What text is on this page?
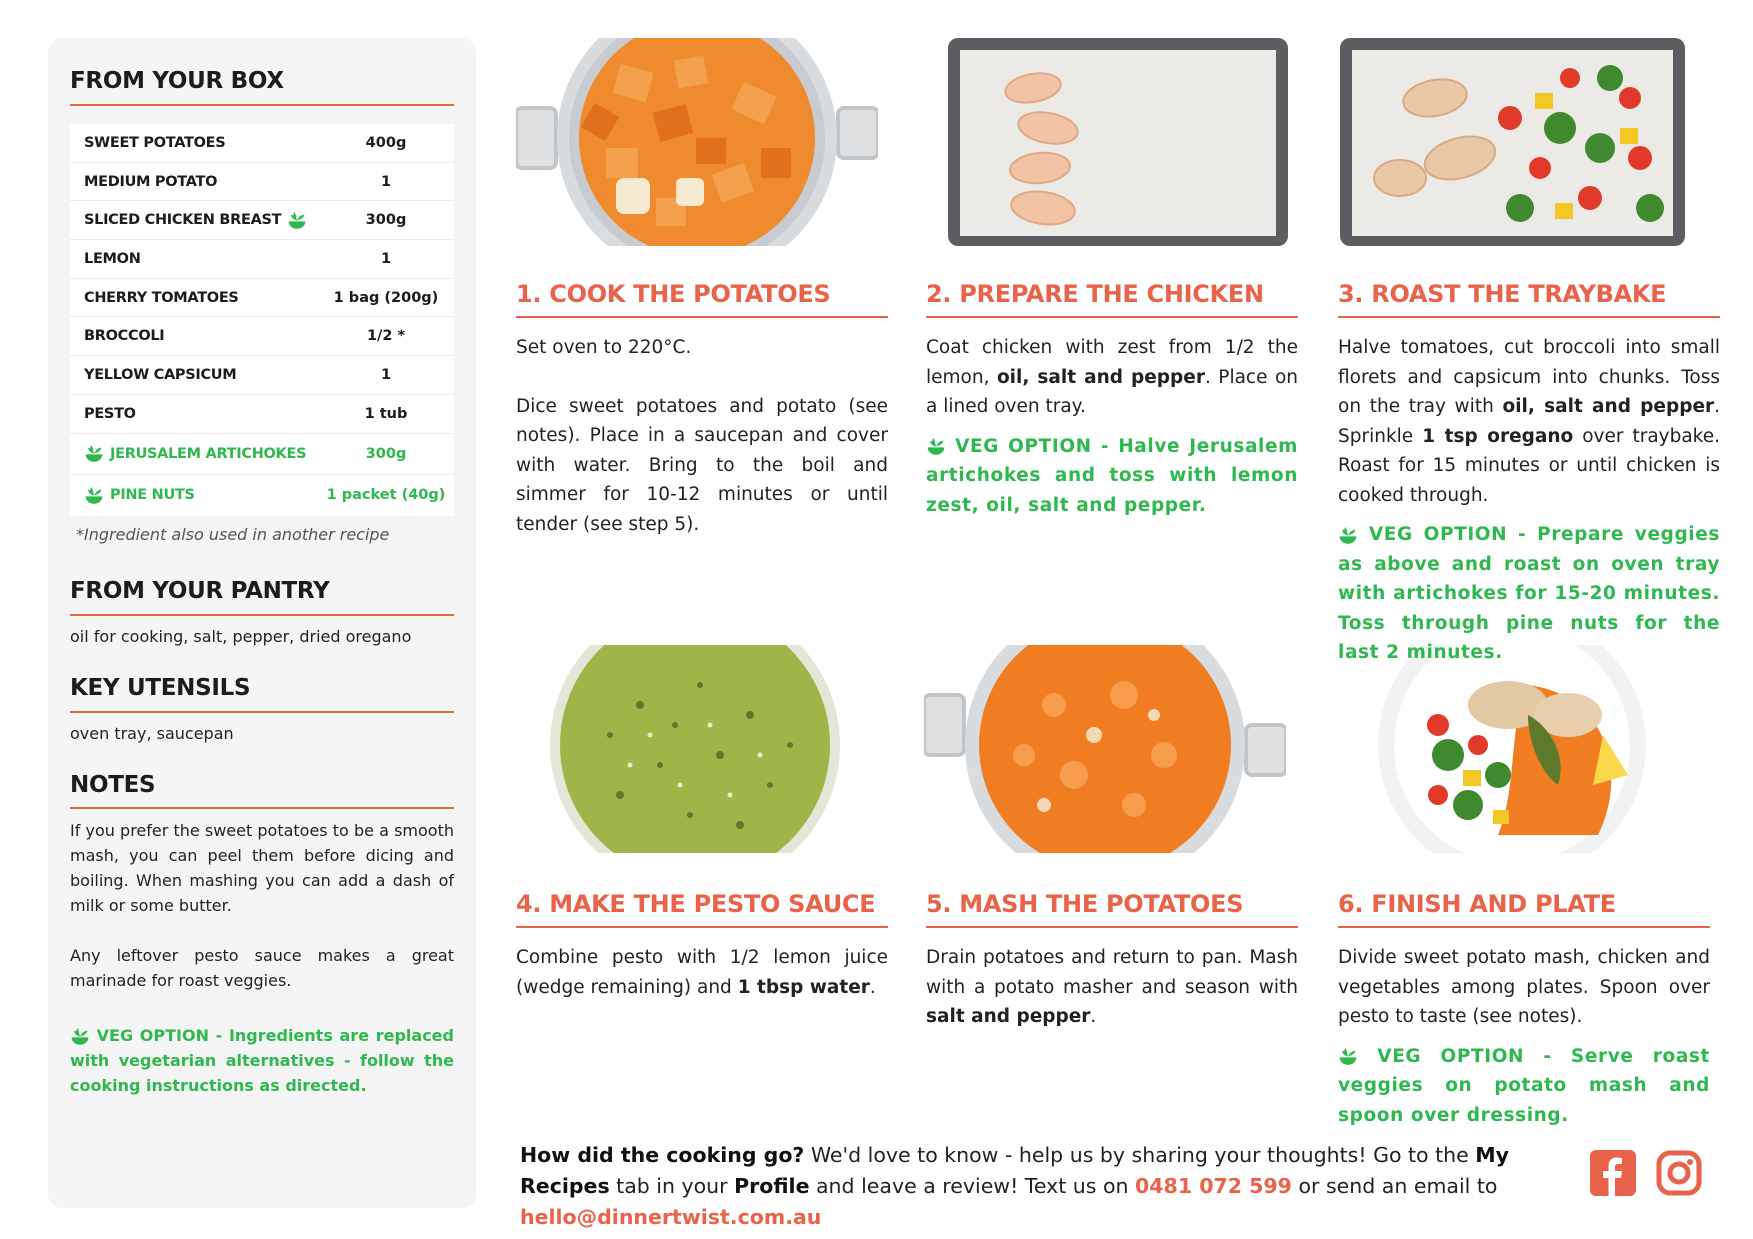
FROM YOUR BOX
SWEET POTATOES	400g
MEDIUM POTATO	1
SLICED CHICKEN BREAST	300g
LEMON	1
CHERRY TOMATOES	1 bag (200g)
BROCCOLI	1/2 *
YELLOW CAPSICUM	1
PESTO	1 tub
JERUSALEM ARTICHOKES	300g
PINE NUTS	1 packet (40g)
*Ingredient also used in another recipe
FROM YOUR PANTRY
oil for cooking, salt, pepper, dried oregano
KEY UTENSILS
oven tray, saucepan
NOTES
If you prefer the sweet potatoes to be a smooth mash, you can peel them before dicing and boiling. When mashing you can add a dash of milk or some butter.
Any leftover pesto sauce makes a great marinade for roast veggies.
VEG OPTION - Ingredients are replaced with vegetarian alternatives - follow the cooking instructions as directed.
1. COOK THE POTATOES
Set oven to 220°C.
Dice sweet potatoes and potato (see notes). Place in a saucepan and cover with water. Bring to the boil and simmer for 10-12 minutes or until tender (see step 5).
2. PREPARE THE CHICKEN
Coat chicken with zest from 1/2 the lemon, oil, salt and pepper. Place on a lined oven tray.
VEG OPTION - Halve Jerusalem artichokes and toss with lemon zest, oil, salt and pepper.
3. ROAST THE TRAYBAKE
Halve tomatoes, cut broccoli into small florets and capsicum into chunks. Toss on the tray with oil, salt and pepper. Sprinkle 1 tsp oregano over traybake. Roast for 15 minutes or until chicken is cooked through.
VEG OPTION - Prepare veggies as above and roast on oven tray with artichokes for 15-20 minutes. Toss through pine nuts for the last 2 minutes.
4. MAKE THE PESTO SAUCE
Combine pesto with 1/2 lemon juice (wedge remaining) and 1 tbsp water.
5. MASH THE POTATOES
Drain potatoes and return to pan. Mash with a potato masher and season with salt and pepper.
6. FINISH AND PLATE
Divide sweet potato mash, chicken and vegetables among plates. Spoon over pesto to taste (see notes).
VEG OPTION - Serve roast veggies on potato mash and spoon over dressing.
How did the cooking go? We'd love to know - help us by sharing your thoughts! Go to the My Recipes tab in your Profile and leave a review! Text us on 0481 072 599 or send an email to hello@dinnertwist.com.au
